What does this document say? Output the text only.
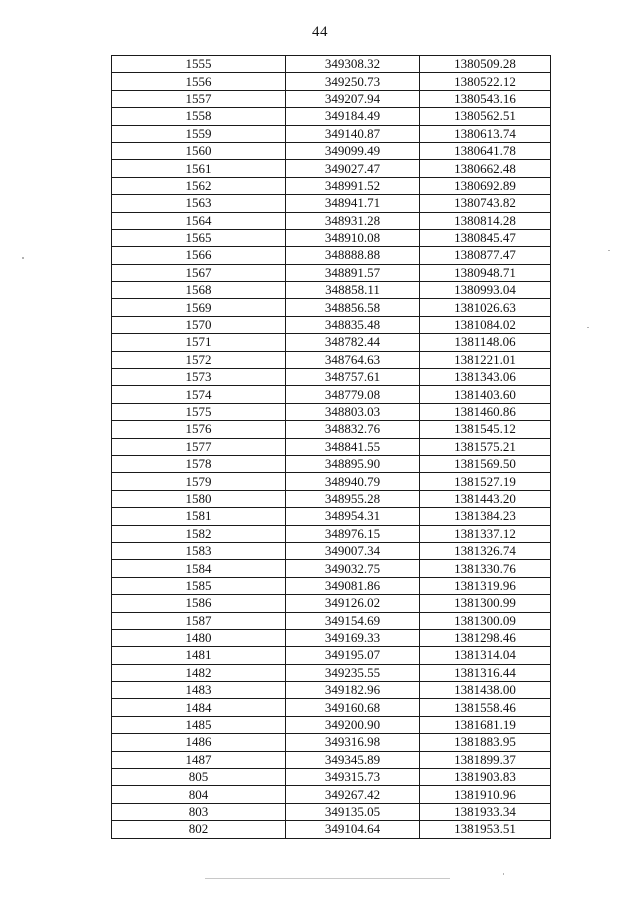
44
1555	349308.32	1380509.28
1556	349250.73	1380522.12
1557	349207.94	1380543.16
1558	349184.49	1380562.51
1559	349140.87	1380613.74
1560	349099.49	1380641.78
1561	349027.47	1380662.48
1562	348991.52	1380692.89
1563	348941.71	1380743.82
1564	348931.28	1380814.28
1565	348910.08	1380845.47
1566	348888.88	1380877.47
1567	348891.57	1380948.71
1568	348858.11	1380993.04
1569	348856.58	1381026.63
1570	348835.48	1381084.02
1571	348782.44	1381148.06
1572	348764.63	1381221.01
1573	348757.61	1381343.06
1574	348779.08	1381403.60
1575	348803.03	1381460.86
1576	348832.76	1381545.12
1577	348841.55	1381575.21
1578	348895.90	1381569.50
1579	348940.79	1381527.19
1580	348955.28	1381443.20
1581	348954.31	1381384.23
1582	348976.15	1381337.12
1583	349007.34	1381326.74
1584	349032.75	1381330.76
1585	349081.86	1381319.96
1586	349126.02	1381300.99
1587	349154.69	1381300.09
1480	349169.33	1381298.46
1481	349195.07	1381314.04
1482	349235.55	1381316.44
1483	349182.96	1381438.00
1484	349160.68	1381558.46
1485	349200.90	1381681.19
1486	349316.98	1381883.95
1487	349345.89	1381899.37
805	349315.73	1381903.83
804	349267.42	1381910.96
803	349135.05	1381933.34
802	349104.64	1381953.51
